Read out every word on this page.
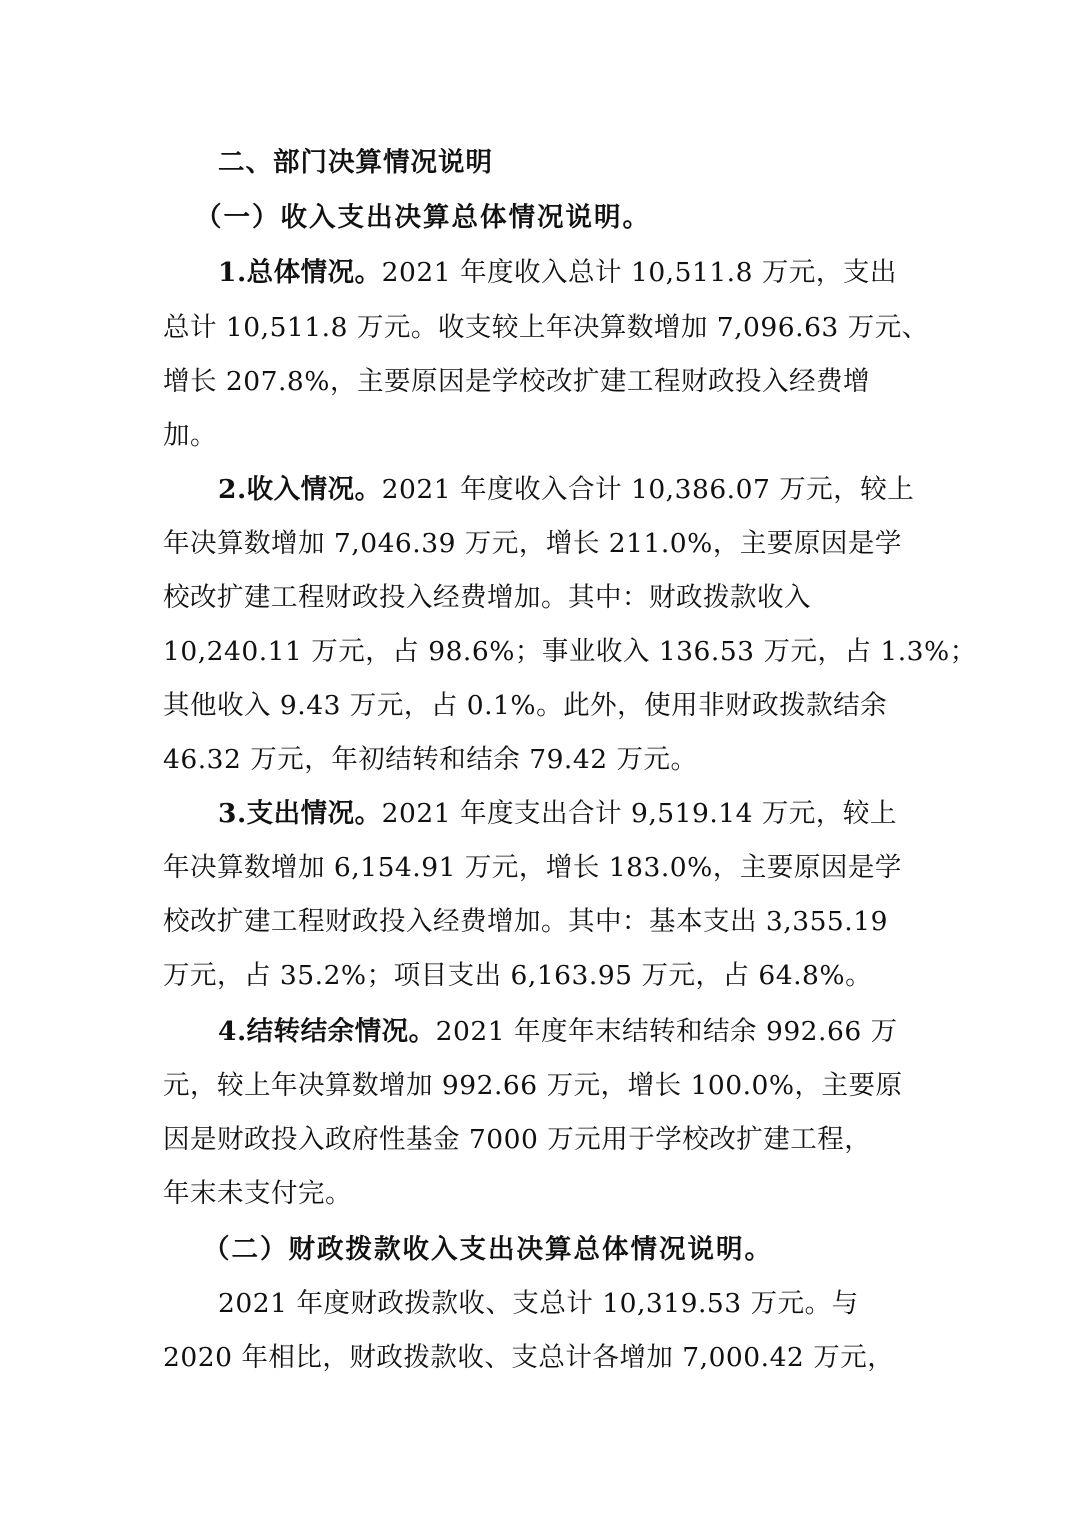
二、部门决算情况说明
（一）收入支出决算总体情况说明。
1.总体情况。2021 年度收入总计 10,511.8 万元，支出
总计 10,511.8 万元。收支较上年决算数增加 7,096.63 万元、
增长 207.8%，主要原因是学校改扩建工程财政投入经费增
加。
2.收入情况。2021 年度收入合计 10,386.07 万元，较上
年决算数增加 7,046.39 万元，增长 211.0%，主要原因是学
校改扩建工程财政投入经费增加。其中：财政拨款收入
10,240.11 万元，占 98.6%；事业收入 136.53 万元，占 1.3%；
其他收入 9.43 万元，占 0.1%。此外，使用非财政拨款结余
46.32 万元，年初结转和结余 79.42 万元。
3.支出情况。2021 年度支出合计 9,519.14 万元，较上
年决算数增加 6,154.91 万元，增长 183.0%，主要原因是学
校改扩建工程财政投入经费增加。其中：基本支出 3,355.19
万元，占 35.2%；项目支出 6,163.95 万元，占 64.8%。
4.结转结余情况。2021 年度年末结转和结余 992.66 万
元，较上年决算数增加 992.66 万元，增长 100.0%，主要原
因是财政投入政府性基金 7000 万元用于学校改扩建工程，
年末未支付完。
（二）财政拨款收入支出决算总体情况说明。
2021 年度财政拨款收、支总计 10,319.53 万元。与
2020 年相比，财政拨款收、支总计各增加 7,000.42 万元，
